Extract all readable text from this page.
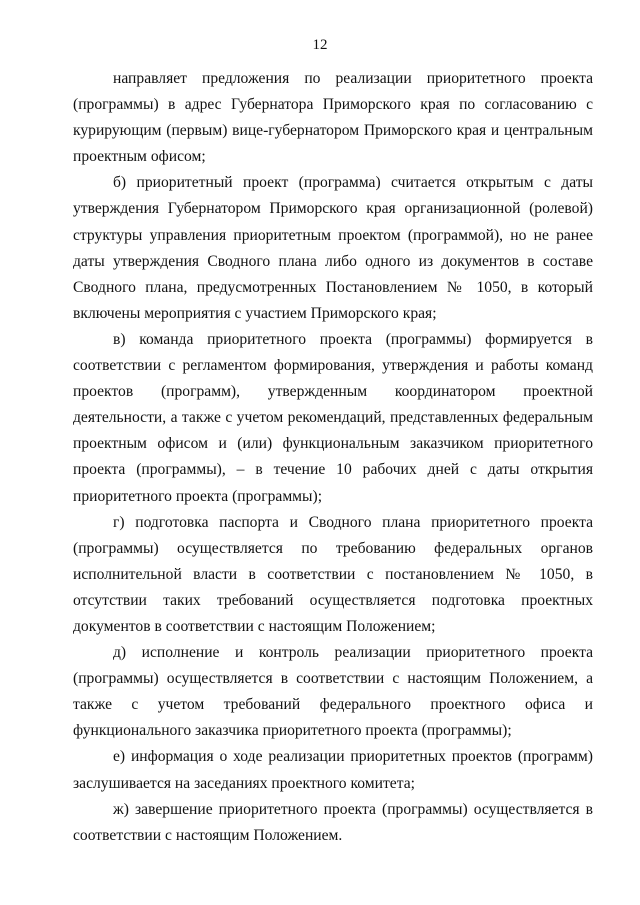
12

направляет предложения по реализации приоритетного проекта (программы) в адрес Губернатора Приморского края по согласованию с курирующим (первым) вице-губернатором Приморского края и центральным проектным офисом;

б) приоритетный проект (программа) считается открытым с даты утверждения Губернатором Приморского края организационной (ролевой) структуры управления приоритетным проектом (программой), но не ранее даты утверждения Сводного плана либо одного из документов в составе Сводного плана, предусмотренных Постановлением № 1050, в который включены мероприятия с участием Приморского края;

в) команда приоритетного проекта (программы) формируется в соответствии с регламентом формирования, утверждения и работы команд проектов (программ), утвержденным координатором проектной деятельности, а также с учетом рекомендаций, представленных федеральным проектным офисом и (или) функциональным заказчиком приоритетного проекта (программы), – в течение 10 рабочих дней с даты открытия приоритетного проекта (программы);

г) подготовка паспорта и Сводного плана приоритетного проекта (программы) осуществляется по требованию федеральных органов исполнительной власти в соответствии с постановлением № 1050, в отсутствии таких требований осуществляется подготовка проектных документов в соответствии с настоящим Положением;

д) исполнение и контроль реализации приоритетного проекта (программы) осуществляется в соответствии с настоящим Положением, а также с учетом требований федерального проектного офиса и функционального заказчика приоритетного проекта (программы);

е) информация о ходе реализации приоритетных проектов (программ) заслушивается на заседаниях проектного комитета;

ж) завершение приоритетного проекта (программы) осуществляется в соответствии с настоящим Положением.
